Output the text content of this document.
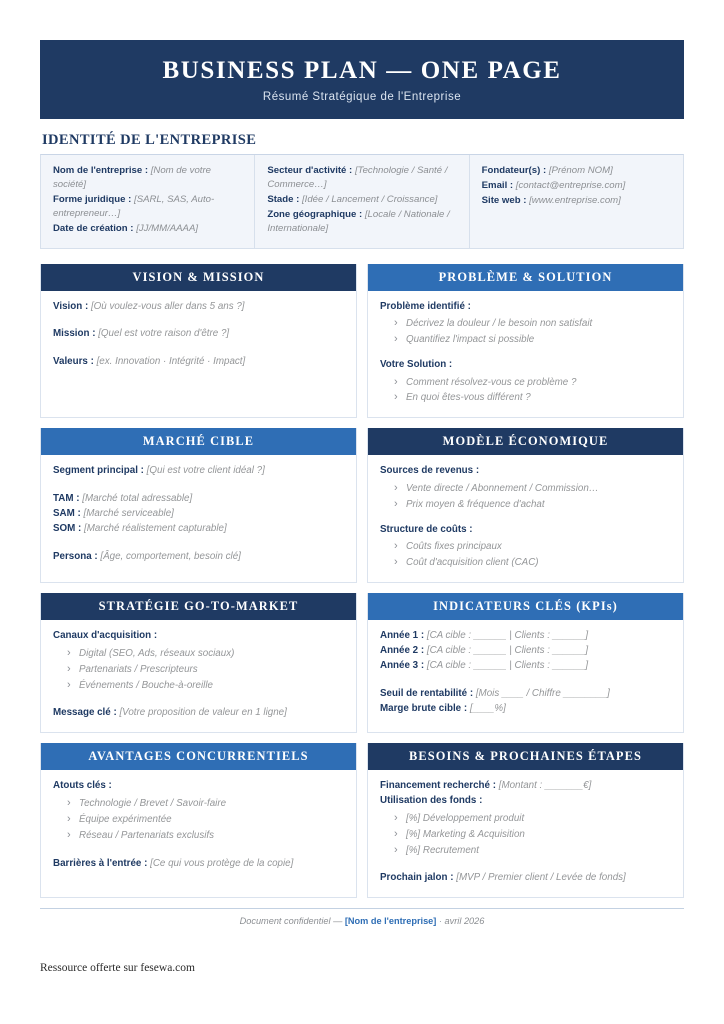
BUSINESS PLAN — ONE PAGE
Résumé Stratégique de l'Entreprise
IDENTITÉ DE L'ENTREPRISE
Nom de l'entreprise : [Nom de votre société]
Forme juridique : [SARL, SAS, Auto-entrepreneur…]
Date de création : [JJ/MM/AAAA]
Secteur d'activité : [Technologie / Santé / Commerce…]
Stade : [Idée / Lancement / Croissance]
Zone géographique : [Locale / Nationale / Internationale]
Fondateur(s) : [Prénom NOM]
Email : [contact@entreprise.com]
Site web : [www.entreprise.com]
VISION & MISSION
Vision : [Où voulez-vous aller dans 5 ans ?]
Mission : [Quel est votre raison d'être ?]
Valeurs : [ex. Innovation · Intégrité · Impact]
PROBLÈME & SOLUTION
Problème identifié :
› Décrivez la douleur / le besoin non satisfait
› Quantifiez l'impact si possible
Votre Solution :
› Comment résolvez-vous ce problème ?
› En quoi êtes-vous différent ?
MARCHÉ CIBLE
Segment principal : [Qui est votre client idéal ?]
TAM : [Marché total adressable]
SAM : [Marché serviceable]
SOM : [Marché réalistement capturable]
Persona : [Âge, comportement, besoin clé]
MODÈLE ÉCONOMIQUE
Sources de revenus :
› Vente directe / Abonnement / Commission…
› Prix moyen & fréquence d'achat
Structure de coûts :
› Coûts fixes principaux
› Coût d'acquisition client (CAC)
STRATÉGIE GO-TO-MARKET
Canaux d'acquisition :
› Digital (SEO, Ads, réseaux sociaux)
› Partenariats / Prescripteurs
› Événements / Bouche-à-oreille
Message clé : [Votre proposition de valeur en 1 ligne]
INDICATEURS CLÉS (KPIs)
Année 1 : [CA cible : ______ | Clients : ______]
Année 2 : [CA cible : ______ | Clients : ______]
Année 3 : [CA cible : ______ | Clients : ______]
Seuil de rentabilité : [Mois ____ / Chiffre ________]
Marge brute cible : [____%]
AVANTAGES CONCURRENTIELS
Atouts clés :
› Technologie / Brevet / Savoir-faire
› Équipe expérimentée
› Réseau / Partenariats exclusifs
Barrières à l'entrée : [Ce qui vous protège de la copie]
BESOINS & PROCHAINES ÉTAPES
Financement recherché : [Montant : _______€]
Utilisation des fonds :
› [%] Développement produit
› [%] Marketing & Acquisition
› [%] Recrutement
Prochain jalon : [MVP / Premier client / Levée de fonds]
Document confidentiel — [Nom de l'entreprise] · avril 2026
Ressource offerte sur fesewa.com
